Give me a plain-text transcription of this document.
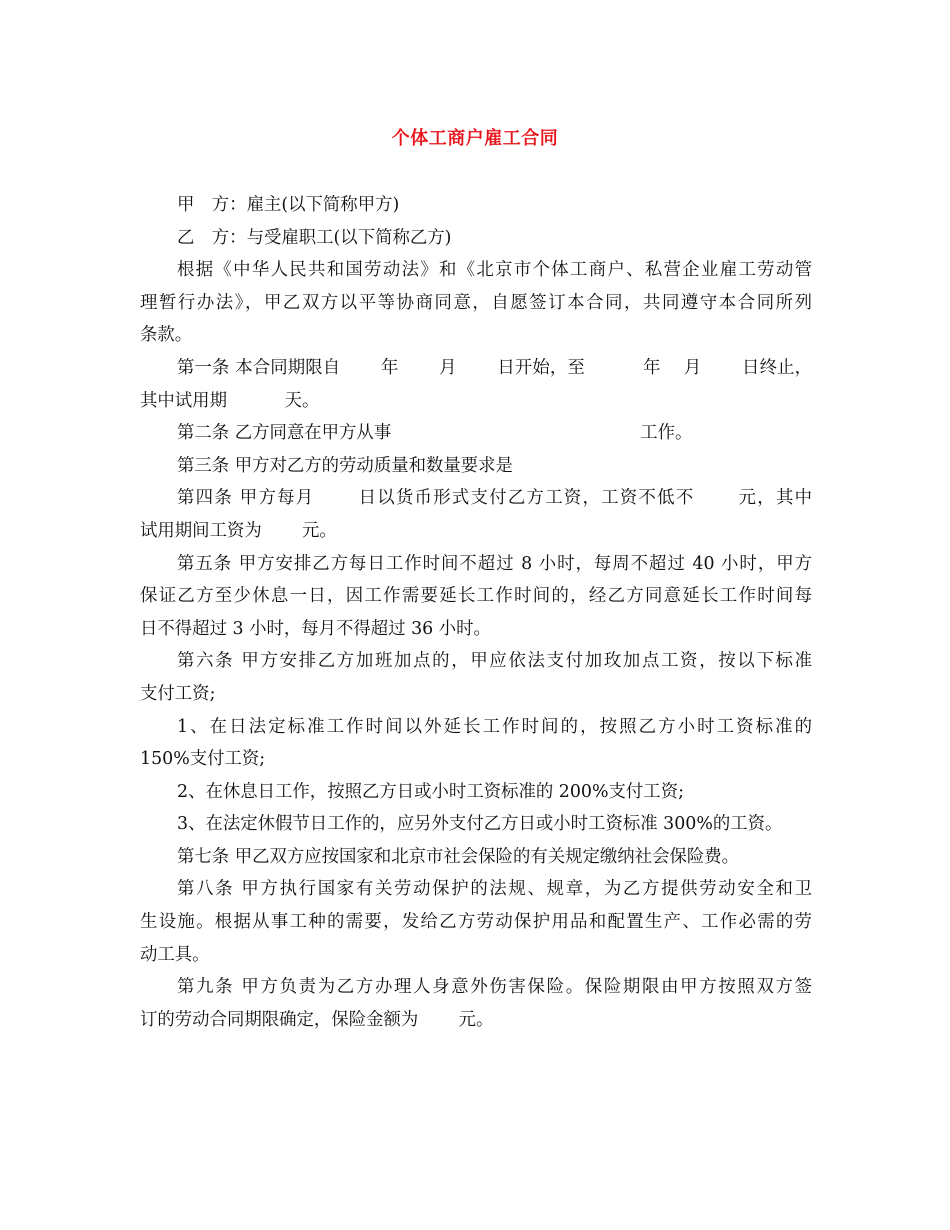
个体工商户雇工合同
甲　方：雇主(以下简称甲方)
乙　方：与受雇职工(以下简称乙方)
根据《中华人民共和国劳动法》和《北京市个体工商户、私营企业雇工劳动管
理暂行办法》，甲乙双方以平等协商同意，自愿签订本合同，共同遵守本合同所列
条款。
第一条 本合同期限自　　 年　　 月　　 日开始，至　　　 年　 月　　 日终止，
其中试用期　　　 天。
第二条 乙方同意在甲方从事　　　　　　　　　　　　　　 工作。
第三条 甲方对乙方的劳动质量和数量要求是
第四条 甲方每月　　 日以货币形式支付乙方工资，工资不低不　　 元，其中
试用期间工资为　　 元。
第五条 甲方安排乙方每日工作时间不超过 8 小时，每周不超过 40 小时，甲方
保证乙方至少休息一日，因工作需要延长工作时间的，经乙方同意延长工作时间每
日不得超过 3 小时，每月不得超过 36 小时。
第六条 甲方安排乙方加班加点的，甲应依法支付加玫加点工资，按以下标准
支付工资;
1、在日法定标准工作时间以外延长工作时间的，按照乙方小时工资标准的
150%支付工资;
2、在休息日工作，按照乙方日或小时工资标准的 200%支付工资;
3、在法定休假节日工作的，应另外支付乙方日或小时工资标准 300%的工资。
第七条 甲乙双方应按国家和北京市社会保险的有关规定缴纳社会保险费。
第八条 甲方执行国家有关劳动保护的法规、规章，为乙方提供劳动安全和卫
生设施。根据从事工种的需要，发给乙方劳动保护用品和配置生产、工作必需的劳
动工具。
第九条 甲方负责为乙方办理人身意外伤害保险。保险期限由甲方按照双方签
订的劳动合同期限确定，保险金额为　　 元。
